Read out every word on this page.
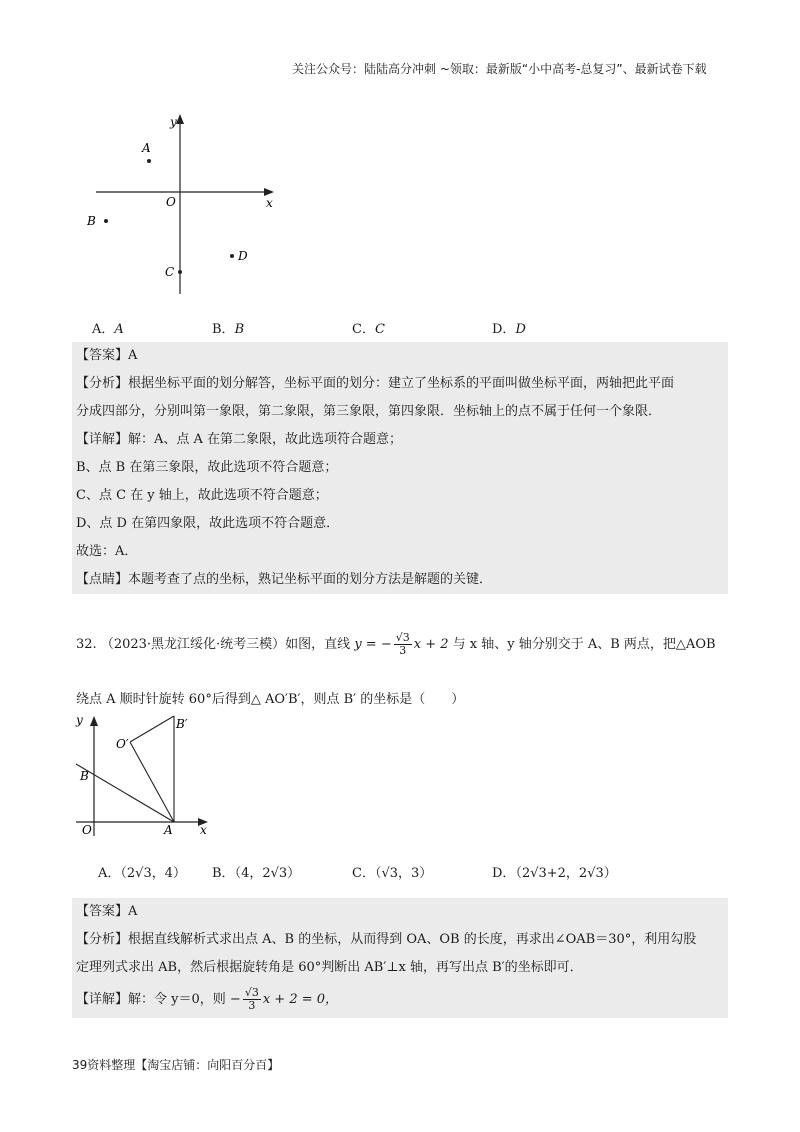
关注公众号：陆陆高分冲刺 ~领取：最新版“小中高考-总复习”、最新试卷下载
x
y
O
A
B
C
D
A．A	B．B	C．C	D．D
【答案】A
【分析】根据坐标平面的划分解答，坐标平面的划分：建立了坐标系的平面叫做坐标平面，两轴把此平面
分成四部分，分别叫第一象限，第二象限，第三象限，第四象限．坐标轴上的点不属于任何一个象限．
【详解】解：A、点 A 在第二象限，故此选项符合题意；
B、点 B 在第三象限，故此选项不符合题意；
C、点 C 在 y 轴上，故此选项不符合题意；
D、点 D 在第四象限，故此选项不符合题意．
故选：A．
【点睛】本题考查了点的坐标，熟记坐标平面的划分方法是解题的关键．
32. （2023·黑龙江绥化·统考三模）如图，直线 y = − $\frac{√3}{3}$ x + 2 与 x 轴、y 轴分别交于 A、B 两点，把△AOB
绕点 A 顺时针旋转 60°后得到△ AO′B′，则点 B′ 的坐标是（　　）
x
y
O
B
A
O′
B′
A．（2√3，4） B．（4，2√3）	C．（√3，3）	D．（2√3+2，2√3）
【答案】A
【分析】根据直线解析式求出点 A、B 的坐标，从而得到 OA、OB 的长度，再求出∠OAB＝30°，利用勾股
定理列式求出 AB，然后根据旋转角是 60°判断出 AB′⊥x 轴，再写出点 B′的坐标即可．
【详解】解：令 y＝0，则 − $\frac{√3}{3}$ x + 2 = 0，
39资料整理【淘宝店铺：向阳百分百】
